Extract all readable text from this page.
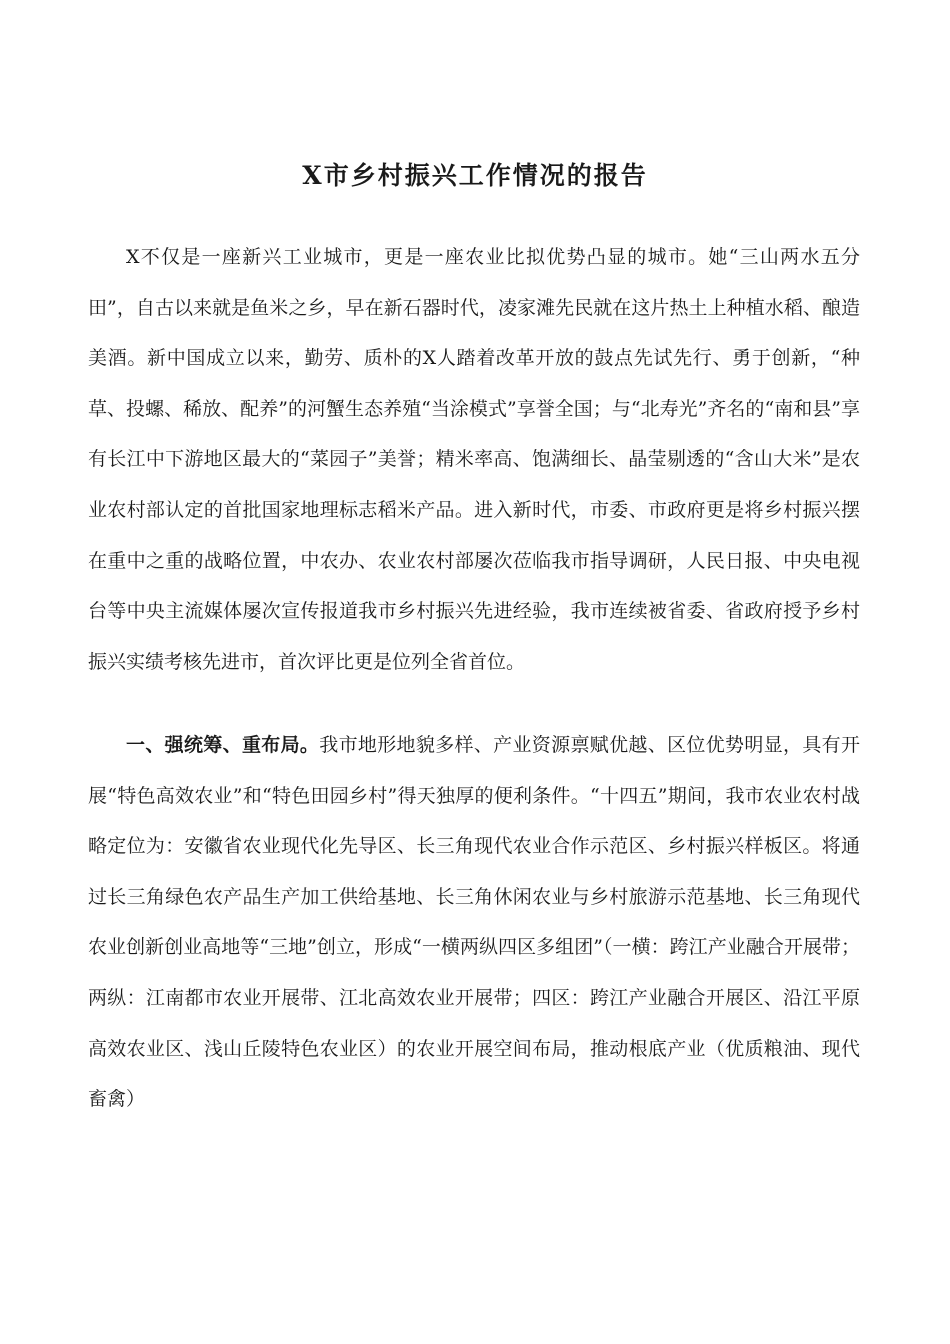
X市乡村振兴工作情况的报告

X不仅是一座新兴工业城市，更是一座农业比拟优势凸显的城市。她“三山两水五分田”，自古以来就是鱼米之乡，早在新石器时代，凌家滩先民就在这片热土上种植水稻、酿造美酒。新中国成立以来，勤劳、质朴的X人踏着改革开放的鼓点先试先行、勇于创新，“种草、投螺、稀放、配养”的河蟹生态养殖“当涂模式”享誉全国；与“北寿光”齐名的“南和县”享有长江中下游地区最大的“菜园子”美誉；精米率高、饱满细长、晶莹剔透的“含山大米”是农业农村部认定的首批国家地理标志稻米产品。进入新时代，市委、市政府更是将乡村振兴摆在重中之重的战略位置，中农办、农业农村部屡次莅临我市指导调研，人民日报、中央电视台等中央主流媒体屡次宣传报道我市乡村振兴先进经验，我市连续被省委、省政府授予乡村振兴实绩考核先进市，首次评比更是位列全省首位。

一、强统筹、重布局。我市地形地貌多样、产业资源禀赋优越、区位优势明显，具有开展“特色高效农业”和“特色田园乡村”得天独厚的便利条件。“十四五”期间，我市农业农村战略定位为：安徽省农业现代化先导区、长三角现代农业合作示范区、乡村振兴样板区。将通过长三角绿色农产品生产加工供给基地、长三角休闲农业与乡村旅游示范基地、长三角现代农业创新创业高地等“三地”创立，形成“一横两纵四区多组团”（一横：跨江产业融合开展带；两纵：江南都市农业开展带、江北高效农业开展带；四区：跨江产业融合开展区、沿江平原高效农业区、浅山丘陵特色农业区）的农业开展空间布局，推动根底产业（优质粮油、现代畜禽）
